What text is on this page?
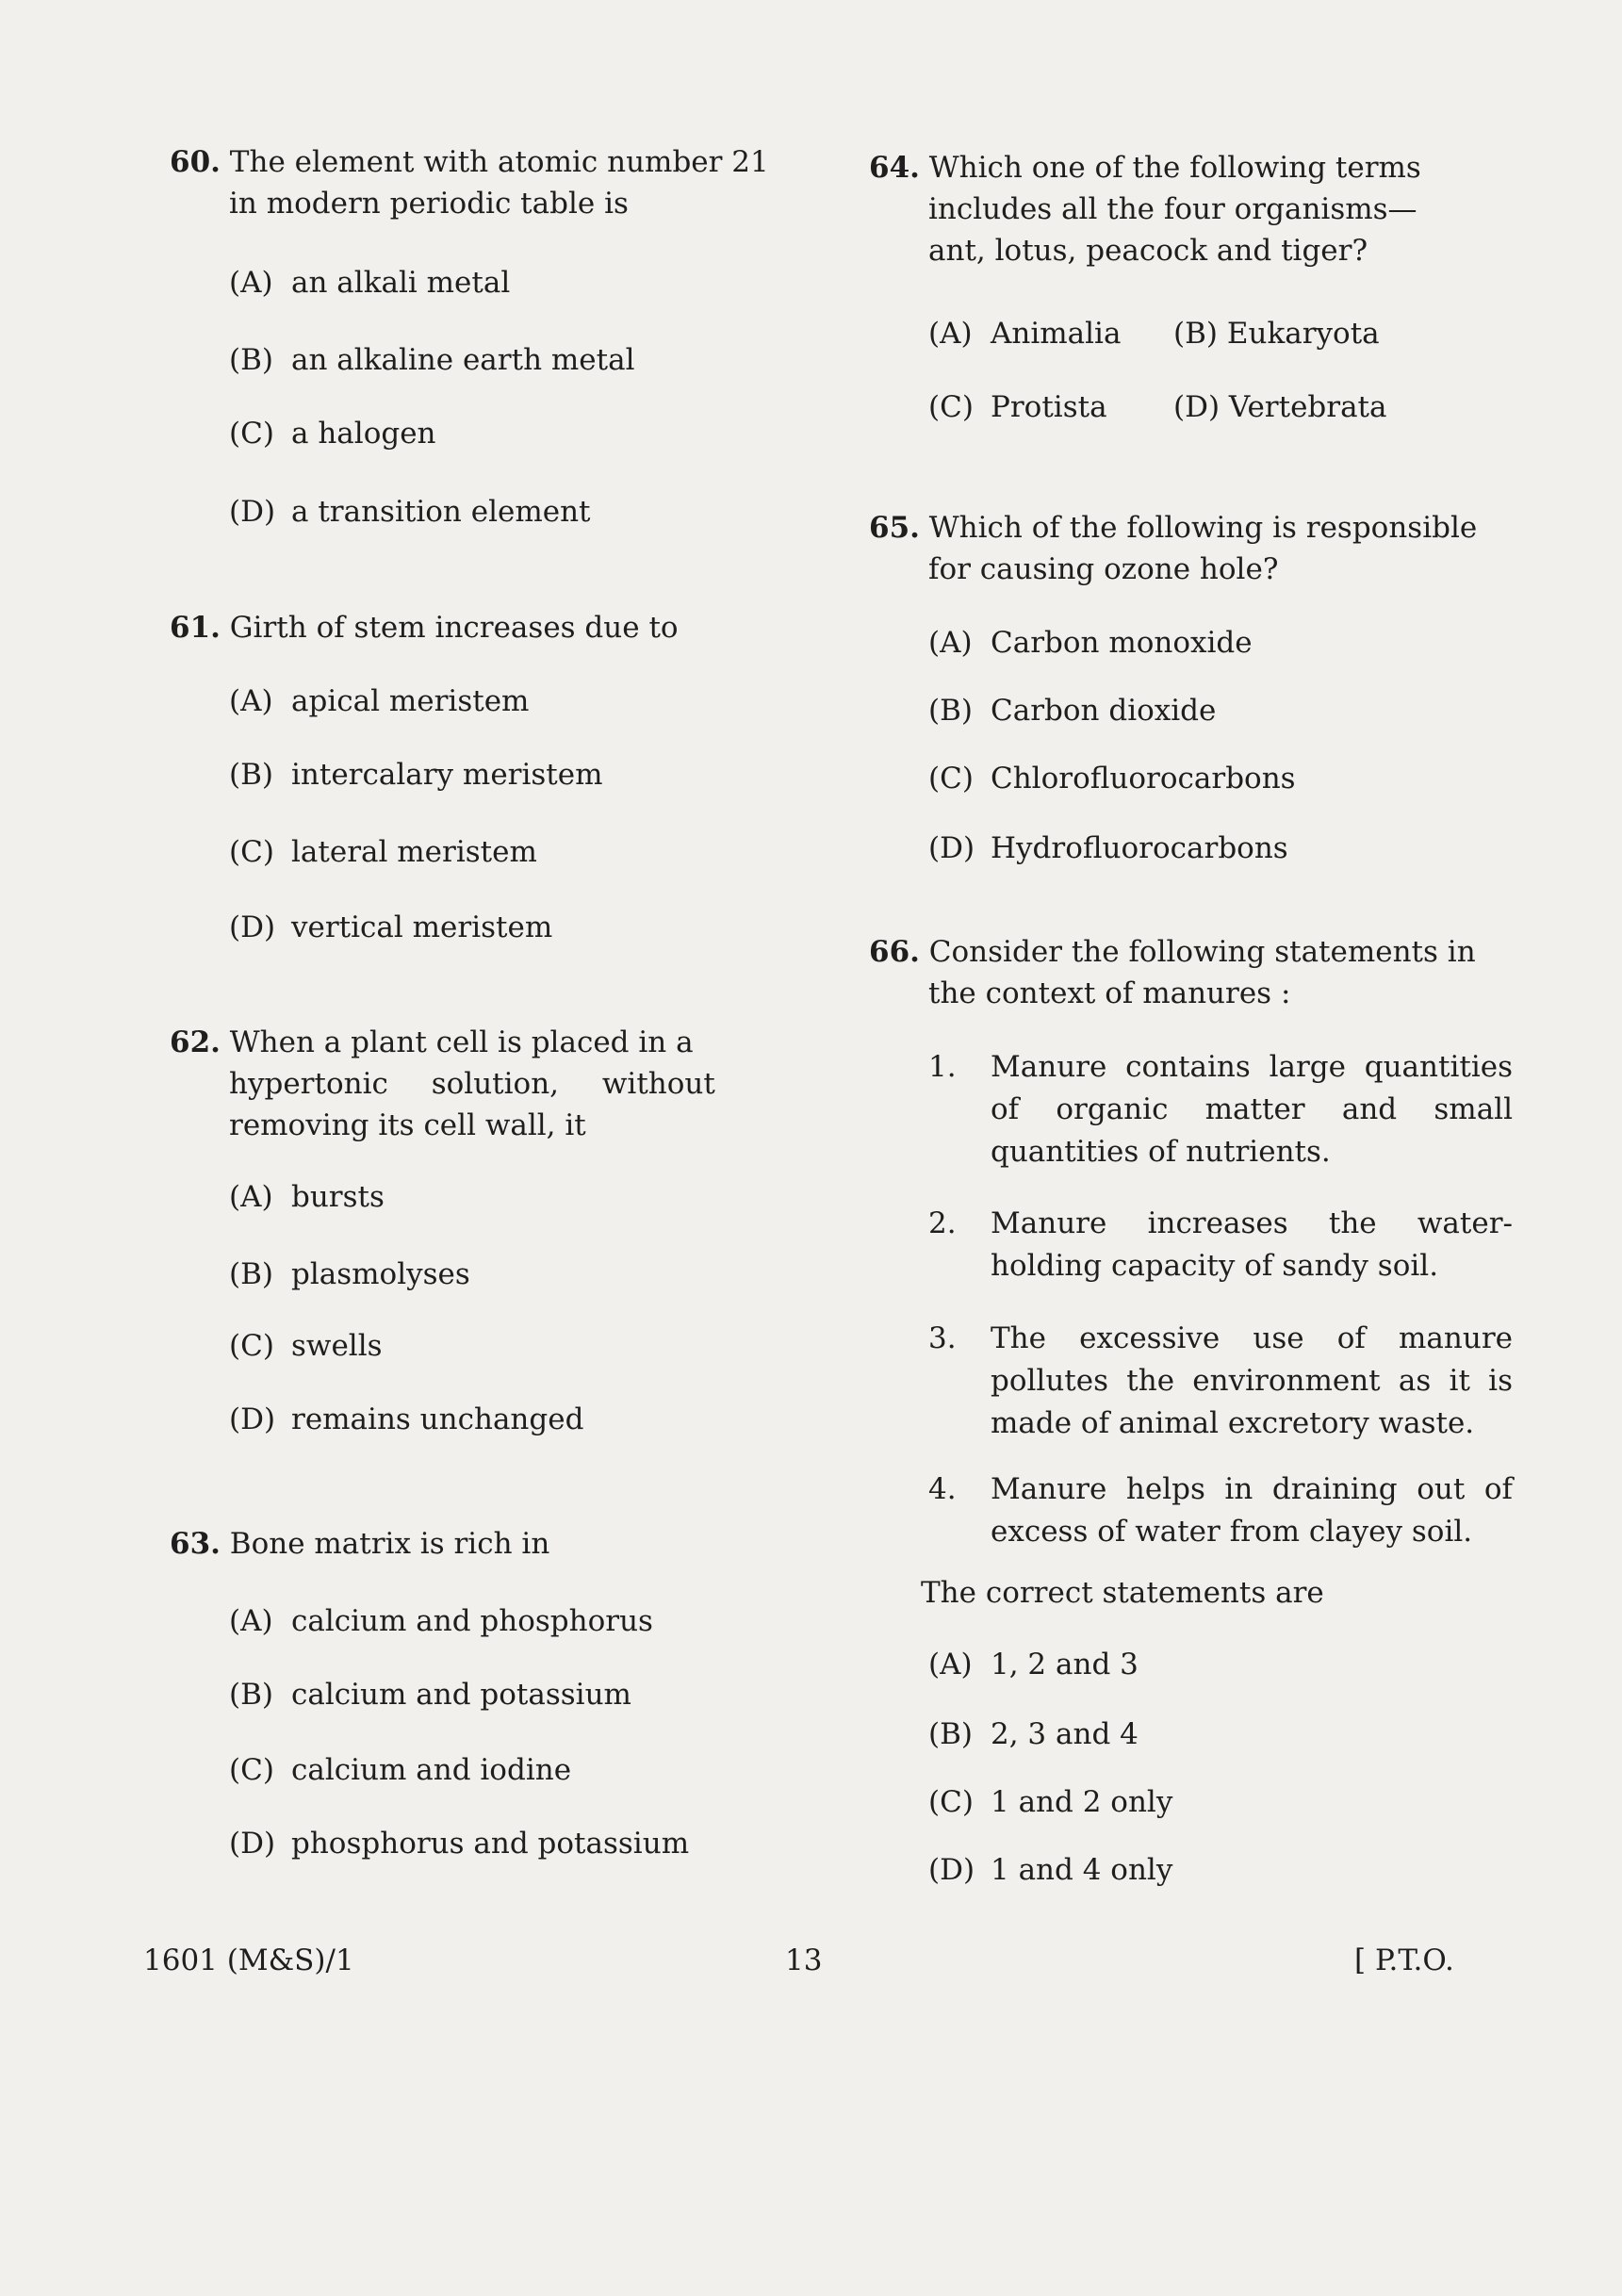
60. The element with atomic number 21
in modern periodic table is
(A) an alkali metal
(B) an alkaline earth metal
(C) a halogen
(D) a transition element
61. Girth of stem increases due to
(A) apical meristem
(B) intercalary meristem
(C) lateral meristem
(D) vertical meristem
62. When a plant cell is placed in a
hypertonic solution, without
removing its cell wall, it
(A) bursts
(B) plasmolyses
(C) swells
(D) remains unchanged
63. Bone matrix is rich in
(A) calcium and phosphorus
(B) calcium and potassium
(C) calcium and iodine
(D) phosphorus and potassium
64. Which one of the following terms
includes all the four organisms—
ant, lotus, peacock and tiger?
(A) Animalia (B) Eukaryota
(C) Protista (D) Vertebrata
65. Which of the following is responsible
for causing ozone hole?
(A) Carbon monoxide
(B) Carbon dioxide
(C) Chlorofluorocarbons
(D) Hydrofluorocarbons
66. Consider the following statements in
the context of manures :
1.	Manure contains large quantities of organic matter and small quantities of nutrients.
2.	Manure increases the water-holding capacity of sandy soil.
3.	The excessive use of manure pollutes the environment as it is made of animal excretory waste.
4.	Manure helps in draining out of excess of water from clayey soil.
The correct statements are
(A) 1, 2 and 3
(B) 2, 3 and 4
(C) 1 and 2 only
(D) 1 and 4 only
1601 (M&S)/1	13	[ P.T.O.
